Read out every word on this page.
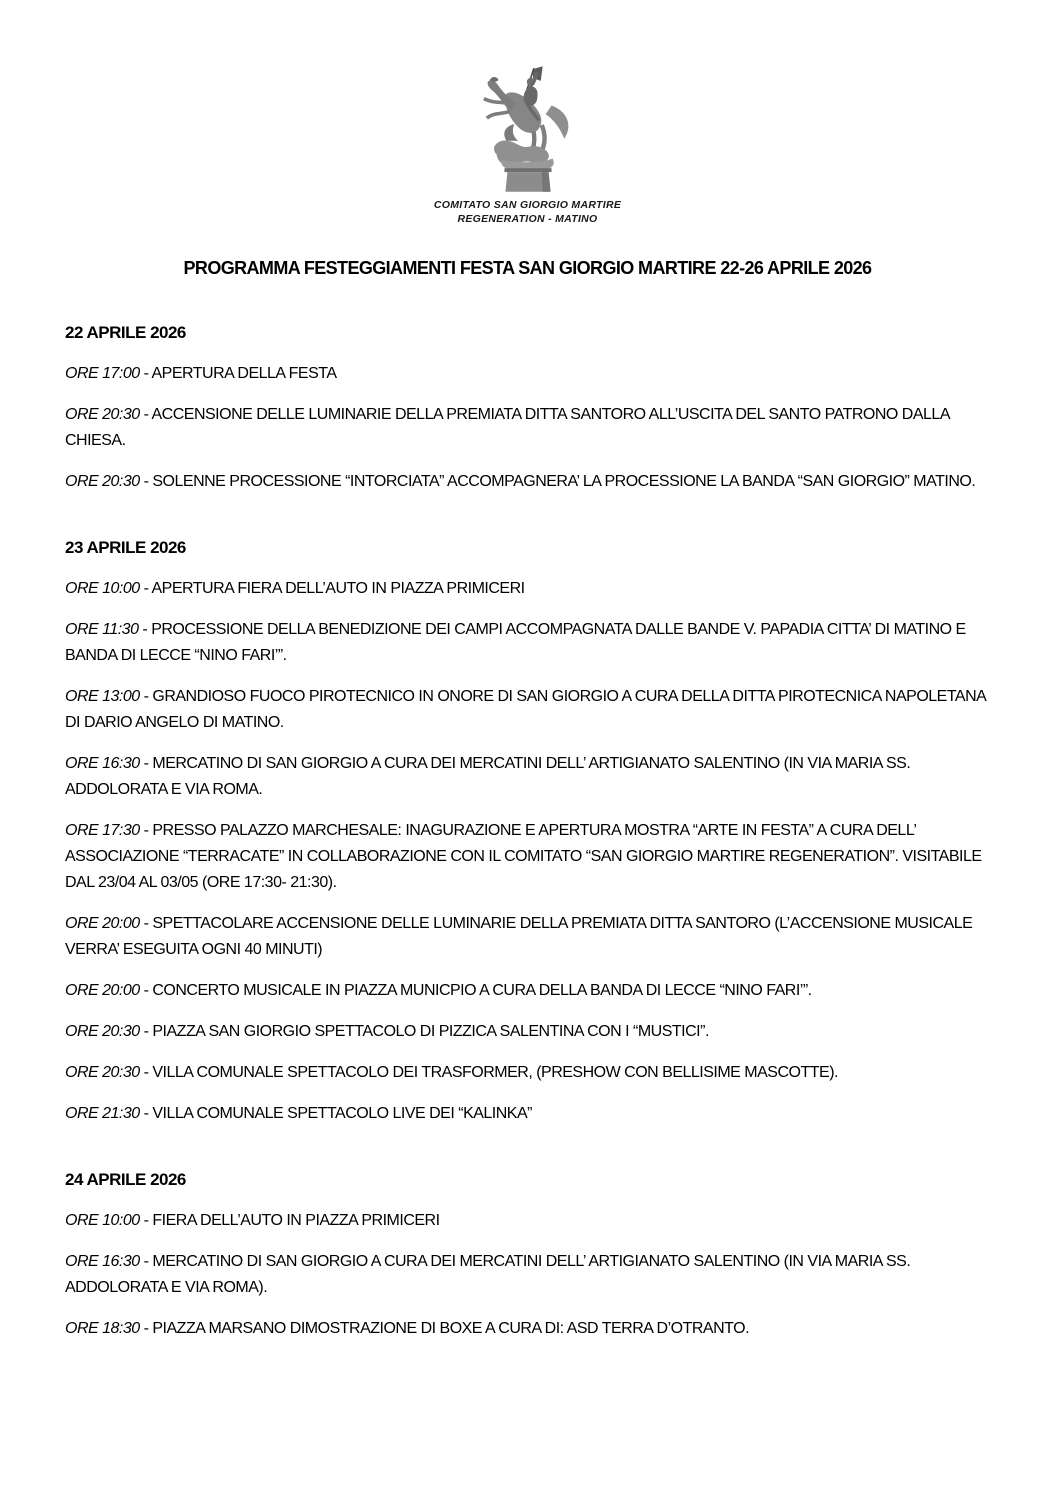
COMITATO SAN GIORGIO MARTIRE
REGENERATION - MATINO
PROGRAMMA FESTEGGIAMENTI FESTA SAN GIORGIO MARTIRE 22-26 APRILE 2026
22 APRILE 2026

ORE 17:00 - APERTURA DELLA FESTA

ORE 20:30 - ACCENSIONE DELLE LUMINARIE DELLA PREMIATA DITTA SANTORO ALL’USCITA DEL SANTO PATRONO DALLA CHIESA.

ORE 20:30 - SOLENNE PROCESSIONE “INTORCIATA” ACCOMPAGNERA’ LA PROCESSIONE LA BANDA “SAN GIORGIO” MATINO.

23 APRILE 2026

ORE 10:00 - APERTURA FIERA DELL’AUTO IN PIAZZA PRIMICERI

ORE 11:30 - PROCESSIONE DELLA BENEDIZIONE DEI CAMPI ACCOMPAGNATA DALLE BANDE V. PAPADIA CITTA’ DI MATINO E BANDA DI LECCE “NINO FARI’”.

ORE 13:00 - GRANDIOSO FUOCO PIROTECNICO IN ONORE DI SAN GIORGIO A CURA DELLA DITTA PIROTECNICA NAPOLETANA DI DARIO ANGELO DI MATINO.

ORE 16:30 - MERCATINO DI SAN GIORGIO A CURA DEI MERCATINI DELL’ ARTIGIANATO SALENTINO (IN VIA MARIA SS. ADDOLORATA E VIA ROMA.

ORE 17:30 - PRESSO PALAZZO MARCHESALE: INAGURAZIONE E APERTURA MOSTRA “ARTE IN FESTA” A CURA DELL’ ASSOCIAZIONE “TERRACATE” IN COLLABORAZIONE CON IL COMITATO “SAN GIORGIO MARTIRE REGENERATION”. VISITABILE DAL 23/04 AL 03/05 (ORE 17:30- 21:30).

ORE 20:00 - SPETTACOLARE ACCENSIONE DELLE LUMINARIE DELLA PREMIATA DITTA SANTORO (L’ACCENSIONE MUSICALE VERRA’ ESEGUITA OGNI 40 MINUTI)

ORE 20:00 - CONCERTO MUSICALE IN PIAZZA MUNICPIO A CURA DELLA BANDA DI LECCE “NINO FARI’”.

ORE 20:30 - PIAZZA SAN GIORGIO SPETTACOLO DI PIZZICA SALENTINA CON I “MUSTICI”.

ORE 20:30 - VILLA COMUNALE SPETTACOLO DEI TRASFORMER, (PRESHOW CON BELLISIME MASCOTTE).

ORE 21:30 - VILLA COMUNALE SPETTACOLO LIVE DEI “KALINKA”

24 APRILE 2026

ORE 10:00 - FIERA DELL’AUTO IN PIAZZA PRIMICERI

ORE 16:30 - MERCATINO DI SAN GIORGIO A CURA DEI MERCATINI DELL’ ARTIGIANATO SALENTINO (IN VIA MARIA SS. ADDOLORATA E VIA ROMA).

ORE 18:30 - PIAZZA MARSANO DIMOSTRAZIONE DI BOXE A CURA DI: ASD TERRA D’OTRANTO.
